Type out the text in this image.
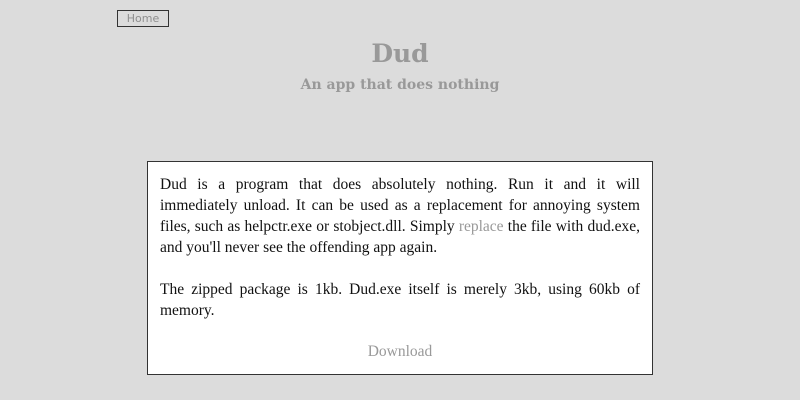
Home
Dud
An app that does nothing

Dud is a program that does absolutely nothing. Run it and it will immediately unload. It can be used as a replacement for annoying system files, such as helpctr.exe or stobject.dll. Simply replace the file with dud.exe, and you'll never see the offending app again.

The zipped package is 1kb. Dud.exe itself is merely 3kb, using 60kb of memory.

Download
